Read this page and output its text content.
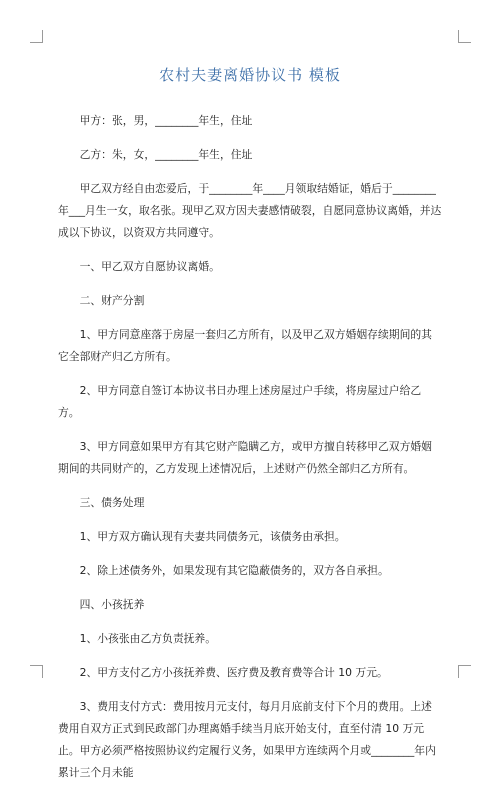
农村夫妻离婚协议书 模板

甲方：张，男，________年生，住址

乙方：朱，女，________年生，住址

甲乙双方经自由恋爱后，于________年____月领取结婚证，婚后于________年___月生一女，取名张。现甲乙双方因夫妻感情破裂，自愿同意协议离婚，并达成以下协议，以资双方共同遵守。

一、甲乙双方自愿协议离婚。

二、财产分割

1、甲方同意座落于房屋一套归乙方所有，以及甲乙双方婚姻存续期间的其它全部财产归乙方所有。

2、甲方同意自签订本协议书日办理上述房屋过户手续，将房屋过户给乙方。

3、甲方同意如果甲方有其它财产隐瞒乙方，或甲方擅自转移甲乙双方婚姻期间的共同财产的，乙方发现上述情况后，上述财产仍然全部归乙方所有。

三、债务处理

1、甲方双方确认现有夫妻共同债务元，该债务由承担。

2、除上述债务外，如果发现有其它隐蔽债务的，双方各自承担。

四、小孩抚养

1、小孩张由乙方负责抚养。

2、甲方支付乙方小孩抚养费、医疗费及教育费等合计 10 万元。

3、费用支付方式：费用按月元支付，每月月底前支付下个月的费用。上述费用自双方正式到民政部门办理离婚手续当月底开始支付，直至付清 10 万元止。甲方必须严格按照协议约定履行义务，如果甲方连续两个月或________年内累计三个月未能
